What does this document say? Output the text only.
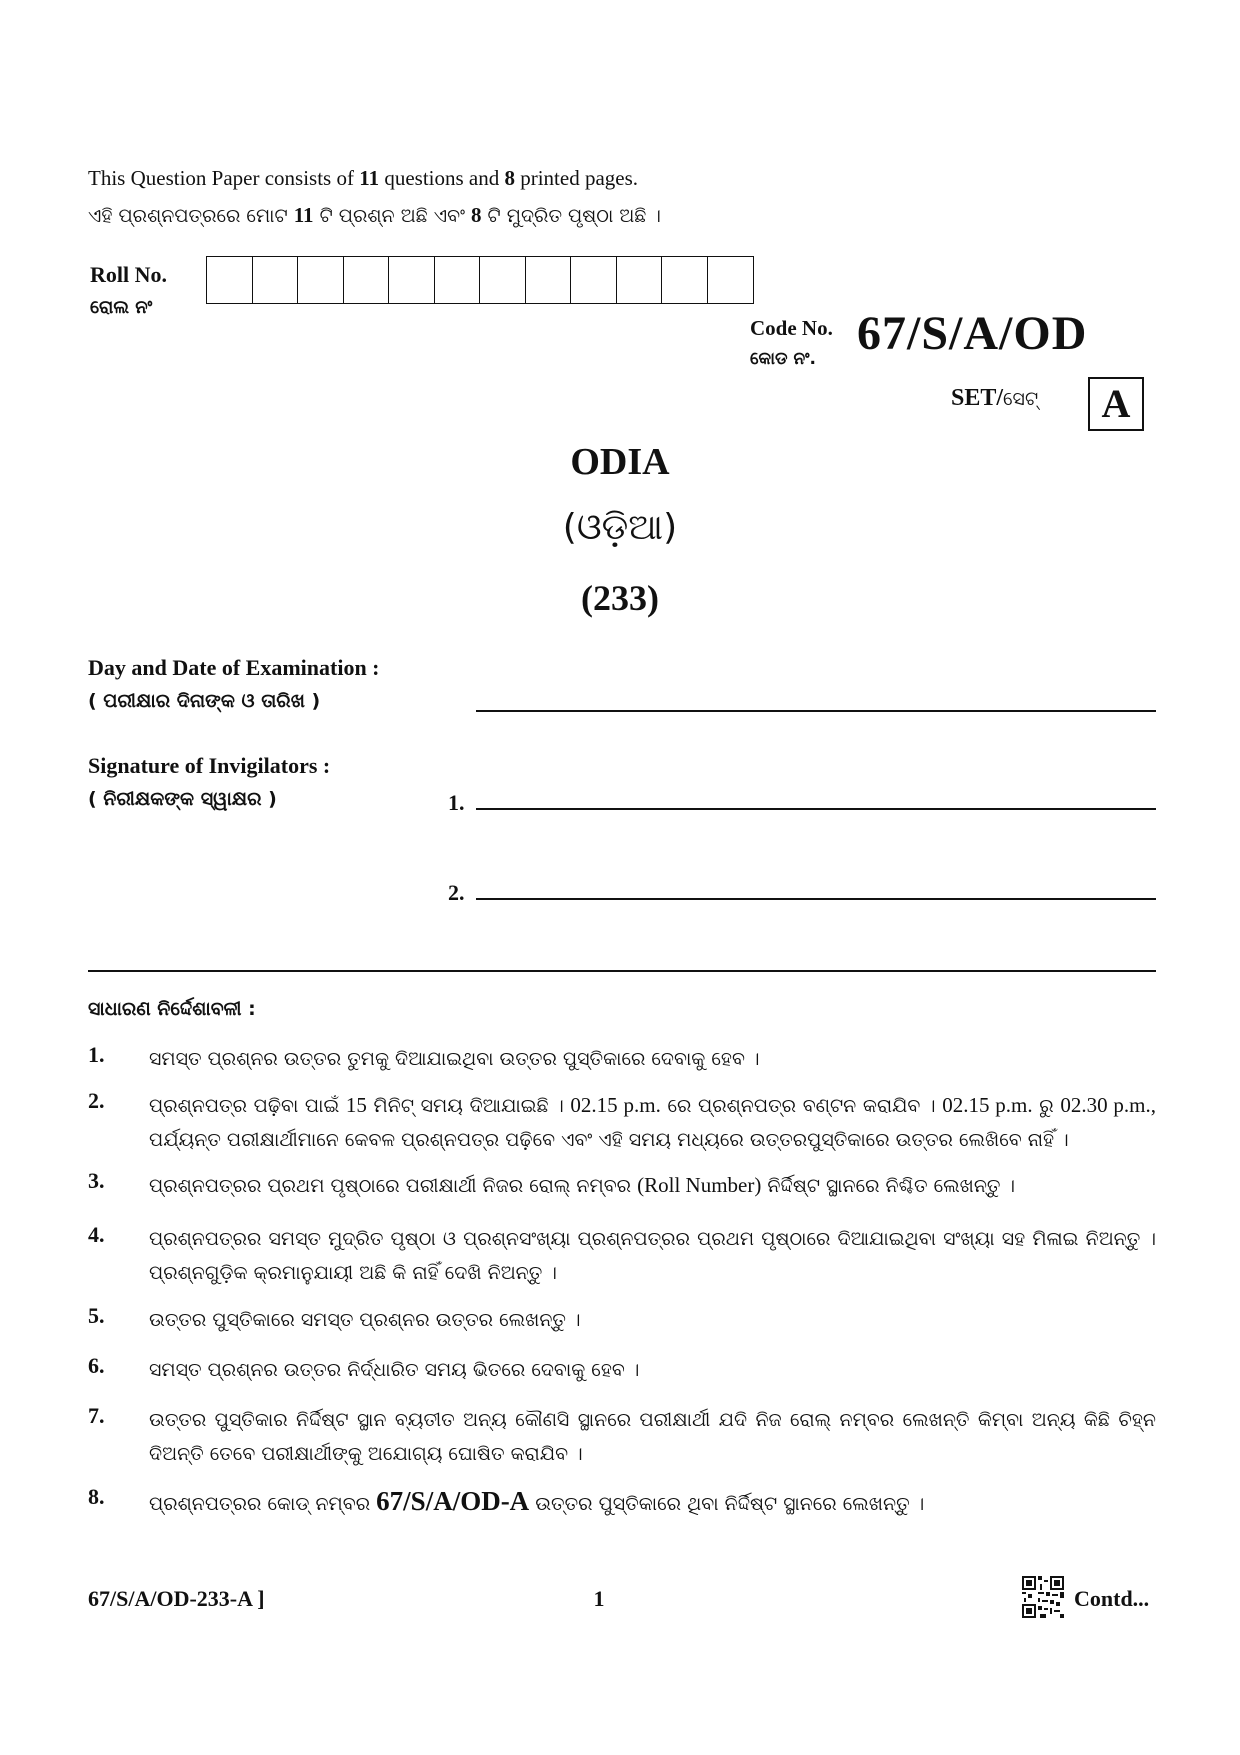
This Question Paper consists of 11 questions and 8 printed pages.
ଏହି ପ୍ରଶ୍ନପତ୍ରରେ ମୋଟ 11 ଟି ପ୍ରଶ୍ନ ଅଛି ଏବଂ 8 ଟି ମୁଦ୍ରିତ ପୃଷ୍ଠା ଅଛି ।
Roll No.
ରୋଲ ନଂ
Code No.
କୋଡ ନଂ. 67/S/A/OD
SET/ସେଟ୍	A
ODIA
(ଓଡ଼ିଆ)
(233)
Day and Date of Examination :
( ପରୀକ୍ଷାର ଦିନାଙ୍କ ଓ ତାରିଖ )
Signature of Invigilators :
( ନିରୀକ୍ଷକଙ୍କ ସ୍ୱାକ୍ଷର )	1.
2.
ସାଧାରଣ ନିର୍ଦ୍ଦେଶାବଳୀ :
1. ସମସ୍ତ ପ୍ରଶ୍ନର ଉତ୍ତର ତୁମକୁ ଦିଆଯାଇଥିବା ଉତ୍ତର ପୁସ୍ତିକାରେ ଦେବାକୁ ହେବ ।
2. ପ୍ରଶ୍ନପତ୍ର ପଢ଼ିବା ପାଇଁ 15 ମିନିଟ୍ ସମୟ ଦିଆଯାଇଛି । 02.15 p.m. ରେ ପ୍ରଶ୍ନପତ୍ର ବଣ୍ଟନ କରାଯିବ । 02.15 p.m. ରୁ 02.30 p.m., ପର୍ଯ୍ୟନ୍ତ ପରୀକ୍ଷାର୍ଥୀମାନେ କେବଳ ପ୍ରଶ୍ନପତ୍ର ପଢ଼ିବେ ଏବଂ ଏହି ସମୟ ମଧ୍ୟରେ ଉତ୍ତରପୁସ୍ତିକାରେ ଉତ୍ତର ଲେଖିବେ ନାହିଁ ।
3. ପ୍ରଶ୍ନପତ୍ରର ପ୍ରଥମ ପୃଷ୍ଠାରେ ପରୀକ୍ଷାର୍ଥୀ ନିଜର ରୋଲ୍ ନମ୍ବର (Roll Number) ନିର୍ଦ୍ଦିଷ୍ଟ ସ୍ଥାନରେ ନିଶ୍ଚିତ ଲେଖନ୍ତୁ ।
4. ପ୍ରଶ୍ନପତ୍ରର ସମସ୍ତ ମୁଦ୍ରିତ ପୃଷ୍ଠା ଓ ପ୍ରଶ୍ନସଂଖ୍ୟା ପ୍ରଶ୍ନପତ୍ରର ପ୍ରଥମ ପୃଷ୍ଠାରେ ଦିଆଯାଇଥିବା ସଂଖ୍ୟା ସହ ମିଳାଇ ନିଅନ୍ତୁ । ପ୍ରଶ୍ନଗୁଡ଼ିକ କ୍ରମାନୁଯାୟୀ ଅଛି କି ନାହିଁ ଦେଖି ନିଅନ୍ତୁ ।
5. ଉତ୍ତର ପୁସ୍ତିକାରେ ସମସ୍ତ ପ୍ରଶ୍ନର ଉତ୍ତର ଲେଖନ୍ତୁ ।
6. ସମସ୍ତ ପ୍ରଶ୍ନର ଉତ୍ତର ନିର୍ଦ୍ଧାରିତ ସମୟ ଭିତରେ ଦେବାକୁ ହେବ ।
7. ଉତ୍ତର ପୁସ୍ତିକାର ନିର୍ଦ୍ଦିଷ୍ଟ ସ୍ଥାନ ବ୍ୟତୀତ ଅନ୍ୟ କୌଣସି ସ୍ଥାନରେ ପରୀକ୍ଷାର୍ଥୀ ଯଦି ନିଜ ରୋଲ୍ ନମ୍ବର ଲେଖନ୍ତି କିମ୍ବା ଅନ୍ୟ କିଛି ଚିହ୍ନ ଦିଅନ୍ତି ତେବେ ପରୀକ୍ଷାର୍ଥୀଙ୍କୁ ଅଯୋଗ୍ୟ ଘୋଷିତ କରାଯିବ ।
8. ପ୍ରଶ୍ନପତ୍ରର କୋଡ୍ ନମ୍ବର 67/S/A/OD-A ଉତ୍ତର ପୁସ୍ତିକାରେ ଥିବା ନିର୍ଦ୍ଦିଷ୍ଟ ସ୍ଥାନରେ ଲେଖନ୍ତୁ ।
67/S/A/OD-233-A ]	1	Contd...
